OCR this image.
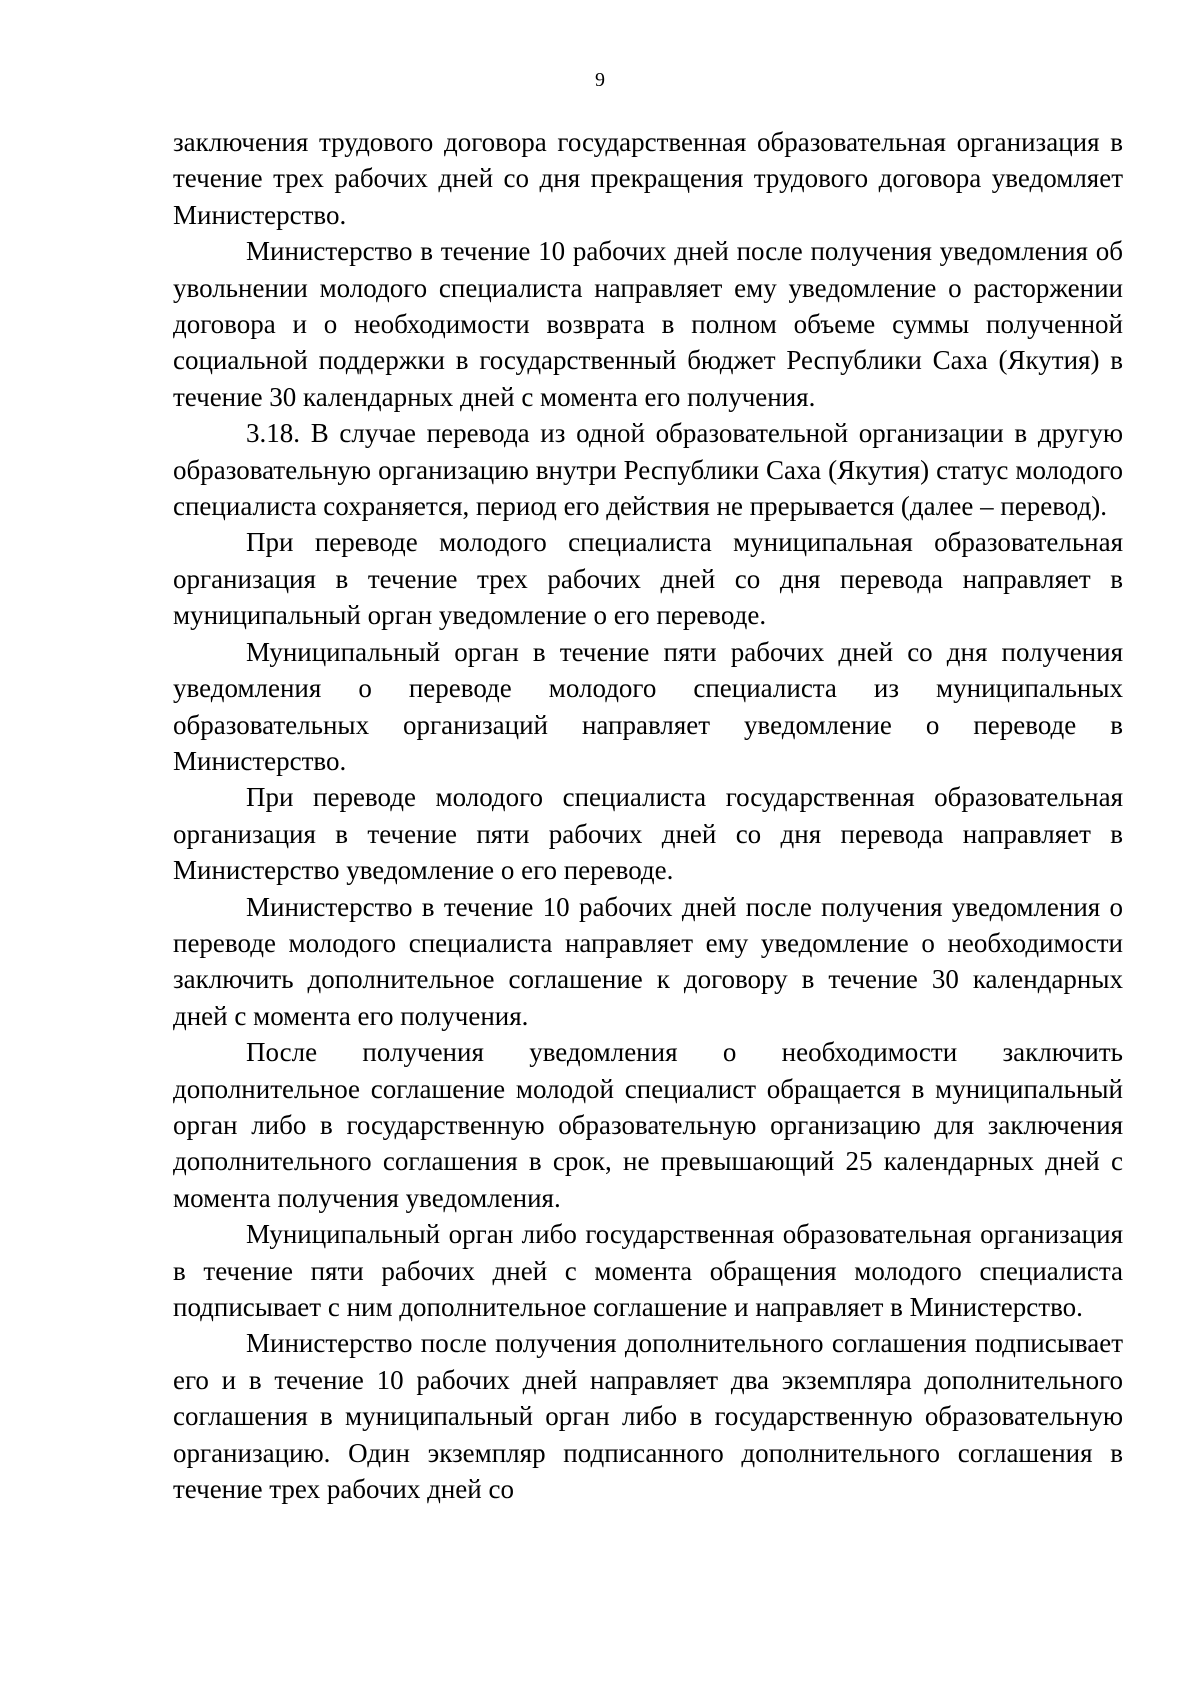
9

заключения трудового договора государственная образовательная организация в течение трех рабочих дней со дня прекращения трудового договора уведомляет Министерство.

Министерство в течение 10 рабочих дней после получения уведомления об увольнении молодого специалиста направляет ему уведомление о расторжении договора и о необходимости возврата в полном объеме суммы полученной социальной поддержки в государственный бюджет Республики Саха (Якутия) в течение 30 календарных дней с момента его получения.

3.18. В случае перевода из одной образовательной организации в другую образовательную организацию внутри Республики Саха (Якутия) статус молодого специалиста сохраняется, период его действия не прерывается (далее – перевод).

При переводе молодого специалиста муниципальная образовательная организация в течение трех рабочих дней со дня перевода направляет в муниципальный орган уведомление о его переводе.

Муниципальный орган в течение пяти рабочих дней со дня получения уведомления о переводе молодого специалиста из муниципальных образовательных организаций направляет уведомление о переводе в Министерство.

При переводе молодого специалиста государственная образовательная организация в течение пяти рабочих дней со дня перевода направляет в Министерство уведомление о его переводе.

Министерство в течение 10 рабочих дней после получения уведомления о переводе молодого специалиста направляет ему уведомление о необходимости заключить дополнительное соглашение к договору в течение 30 календарных дней с момента его получения.

После получения уведомления о необходимости заключить дополнительное соглашение молодой специалист обращается в муниципальный орган либо в государственную образовательную организацию для заключения дополнительного соглашения в срок, не превышающий 25 календарных дней с момента получения уведомления.

Муниципальный орган либо государственная образовательная организация в течение пяти рабочих дней с момента обращения молодого специалиста подписывает с ним дополнительное соглашение и направляет в Министерство.

Министерство после получения дополнительного соглашения подписывает его и в течение 10 рабочих дней направляет два экземпляра дополнительного соглашения в муниципальный орган либо в государственную образовательную организацию. Один экземпляр подписанного дополнительного соглашения в течение трех рабочих дней со
